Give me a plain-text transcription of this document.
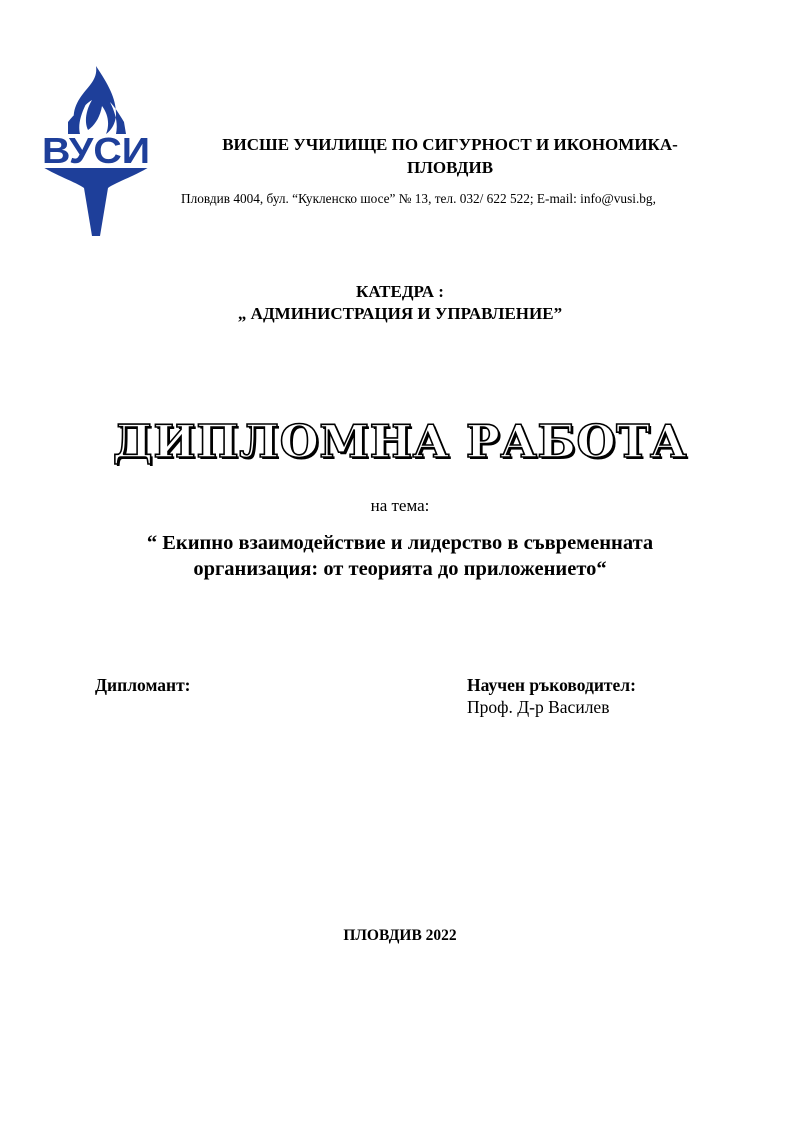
ВУСИ	ВИСШЕ УЧИЛИЩЕ ПО СИГУРНОСТ И ИКОНОМИКА-
ПЛОВДИВ

Пловдив 4004, бул. “Кукленско шосе” № 13, тел. 032/ 622 522; E-mail: info@vusi.bg,

КАТЕДРА :
„ АДМИНИСТРАЦИЯ И УПРАВЛЕНИЕ”
ДИПЛОМНА РАБОТА

на тема:

“ Екипно взаимодействие и лидерство в съвременната
организация: от теорията до приложението“

Дипломант:	Научен ръководител:
Проф. Д-р Василев

ПЛОВДИВ 2022
